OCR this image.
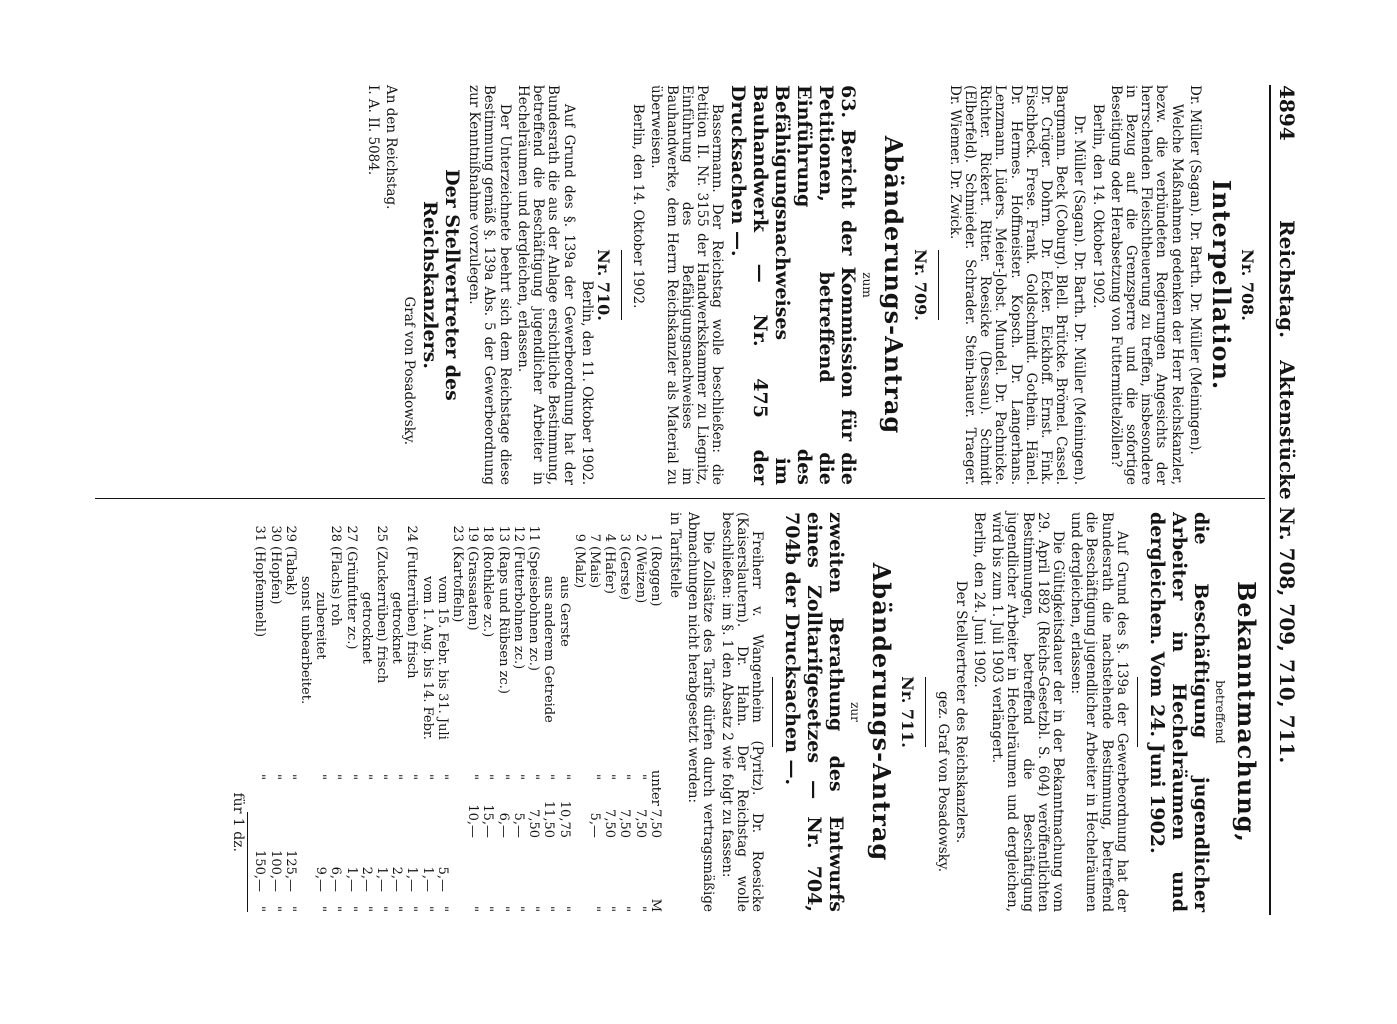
4894
Reichstag.
Aktenstücke Nr. 708, 709, 710, 711.
Nr. 708.
Interpellation.

Dr. Müller (Sagan). Dr. Barth. Dr. Müller (Meiningen).

Welche Maßnahmen gedenken der Herr Reichskanzler, bezw. die verbündeten Regierungen Angesichts der herrschenden Fleischtheuerung zu treffen, insbesondere in Bezug auf die Grenzsperre und die sofortige Beseitigung oder Herabsetzung von Futtermittelzöllen?

Berlin, den 14. Oktober 1902.

Dr. Müller (Sagan). Dr. Barth. Dr. Müller (Meiningen).

Bargmann. Beck (Coburg). Blell. Brütcke. Brömel. Cassel. Dr. Crüger. Dohrn. Dr. Ecker. Eickhoff. Ernst. Fink. Fischbeck. Frese. Frank. Goldschmidt. Gothein. Hänel. Dr. Hermes. Hoffmeister. Kopsch. Dr. Langerhans. Lenzmann. Lüders. Meier-Jobst. Mundel. Dr. Pachnicke. Richter. Rickert. Ritter. Roesicke (Dessau). Schmidt (Elberfeld). Schmieder. Schrader. Stein-hauer. Traeger. Dr. Wiemer. Dr. Zwick.

Nr. 709.
Abänderungs-Antrag
zum

63. Bericht der Kommission für die Petitionen, betreffend die Einführung des Befähigungsnachweises im Bauhandwerk — Nr. 475 der Drucksachen —.

Bassermann. Der Reichstag wolle beschließen: die Petition II. Nr. 3155 der Handwerkskammer zu Liegnitz, Einführung des Befähigungsnachweises im Bauhandwerke, dem Herrn Reichskanzler als Material zu überweisen.

Berlin, den 14. Oktober 1902.

Nr. 710.

Berlin, den 11. Oktober 1902.

Auf Grund des §. 139a der Gewerbeordnung hat der Bundesrath die aus der Anlage ersichtliche Bestimmung, betreffend die Beschäftigung jugendlicher Arbeiter in Hechelräumen und dergleichen, erlassen.

Der Unterzeichnete beehrt sich dem Reichstage diese Bestimmung gemäß §. 139a Abs. 5 der Gewerbeordnung zur Kenntnißnahme vorzulegen.

Der Stellvertreter des Reichskanzlers.

Graf von Posadowsky.

An den Reichstag.

I. A. II. 5084.

Bekanntmachung,
betreffend

die Beschäftigung jugendlicher Arbeiter in Hechelräumen und dergleichen. Vom 24. Juni 1902.

Auf Grund des §. 139a der Gewerbeordnung hat der Bundesrath die nachstehende Bestimmung, betreffend die Beschäftigung jugendlicher Arbeiter in Hechelräumen und dergleichen, erlassen:

Die Gültigkeitsdauer der in der Bekanntmachung vom 29. April 1892 (Reichs-Gesetzbl. S. 604) veröffentlichten Bestimmungen, betreffend die Beschäftigung jugendlicher Arbeiter in Hechelräumen und dergleichen, wird bis zum 1. Juli 1903 verlängert.

Berlin, den 24. Juni 1902.

Der Stellvertreter des Reichskanzlers.

gez. Graf von Posadowsky.

Nr. 711.
Abänderungs-Antrag
zur

zweiten Berathung des Entwurfs eines Zolltarifgesetzes — Nr. 704, 704b der Drucksachen —.

Freiherr v. Wangenheim (Pyritz). Dr. Roesicke (Kaiserslautern). Dr. Hahn. Der Reichstag wolle beschließen: im §. 1 den Absatz 2 wie folgt zu fassen:

Die Zollsätze des Tarifs dürfen durch vertragsmäßige Abmachungen nicht herabgesetzt werden:

in Tarifstelle

1
(Roggen)
unter
7,50
M
2
(Weizen)
"
7,50
"
3
(Gerste)
"
7,50
"
4
(Hafer)
"
7,50
"
7
(Mais)
"
5,—
"
9
(Malz)
aus Gerste
"
10,75
"
aus anderem Getreide
"
11,50
"
11
(Speisebohnen zc.)
"
7,50
"
12
(Futterbohnen zc.)
"
5,—
"
13
(Raps und Rübsen zc.)
"
6,—
"
18
(Rothklee zc.)
"
15,—
"
19
(Grassaaten)
"
10,—
"
23
(Kartoffeln)
vom 15. Febr. bis 31. Juli
"
5,—
"
vom 1. Aug. bis 14. Febr.
"
1,—
"
24
(Futterrüben) frisch
"
1,—
"
getrocknet
"
2,—
"
25
(Zuckerrüben) frisch
"
1,—
"
getrocknet
"
2,—
"
27
(Grünfutter zc.)
"
1,—
"
28
(Flachs) roh
"
6,—
"
zubereitet
"
9,—
"
sonst unbearbeitet.
29
(Tabak)
"
125,—
"
30
(Hopfen)
"
100,—
"
31
(Hopfenmehl)
"
150,—
"
für 1 dz.
